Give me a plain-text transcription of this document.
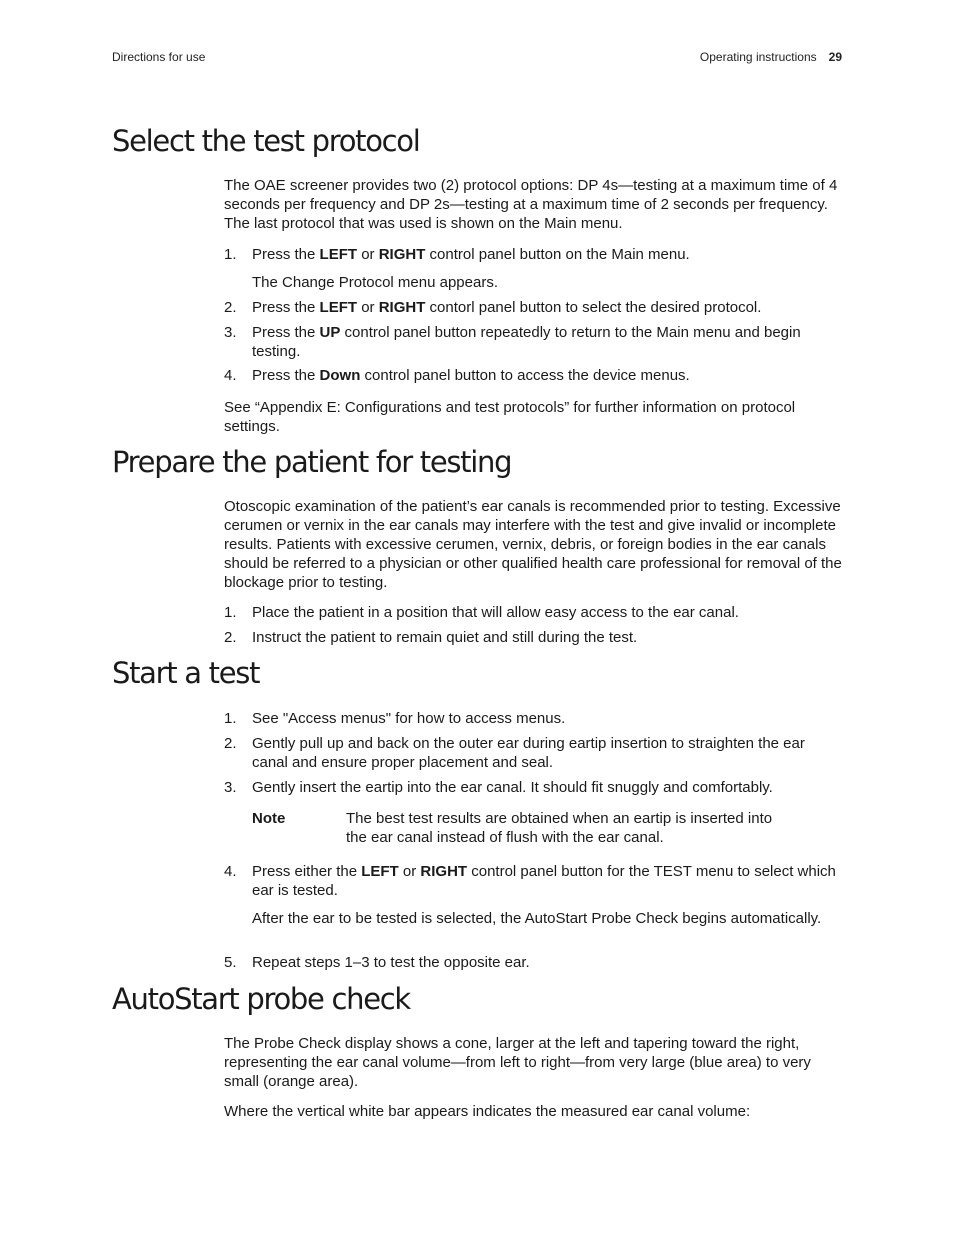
Directions for use	Operating instructions 29
Select the test protocol

The OAE screener provides two (2) protocol options: DP 4s—testing at a maximum time of 4 seconds per frequency and DP 2s—testing at a maximum time of 2 seconds per frequency. The last protocol that was used is shown on the Main menu.

1. Press the LEFT or RIGHT control panel button on the Main menu.

The Change Protocol menu appears.

2. Press the LEFT or RIGHT contorl panel button to select the desired protocol.
3. Press the UP control panel button repeatedly to return to the Main menu and begin testing.
4. Press the Down control panel button to access the device menus.

See “Appendix E: Configurations and test protocols” for further information on protocol settings.

Prepare the patient for testing

Otoscopic examination of the patient’s ear canals is recommended prior to testing. Excessive cerumen or vernix in the ear canals may interfere with the test and give invalid or incomplete results. Patients with excessive cerumen, vernix, debris, or foreign bodies in the ear canals should be referred to a physician or other qualified health care professional for removal of the blockage prior to testing.

1. Place the patient in a position that will allow easy access to the ear canal.
2. Instruct the patient to remain quiet and still during the test.
Start a test
1. See "Access menus" for how to access menus.
2. Gently pull up and back on the outer ear during eartip insertion to straighten the ear canal and ensure proper placement and seal.
3. Gently insert the eartip into the ear canal. It should fit snuggly and comfortably.
Note	The best test results are obtained when an eartip is inserted into the ear canal instead of flush with the ear canal.
4. Press either the LEFT or RIGHT control panel button for the TEST menu to select which ear is tested.

After the ear to be tested is selected, the AutoStart Probe Check begins automatically.

5. Repeat steps 1–3 to test the opposite ear.
AutoStart probe check

The Probe Check display shows a cone, larger at the left and tapering toward the right, representing the ear canal volume—from left to right—from very large (blue area) to very small (orange area).

Where the vertical white bar appears indicates the measured ear canal volume:
